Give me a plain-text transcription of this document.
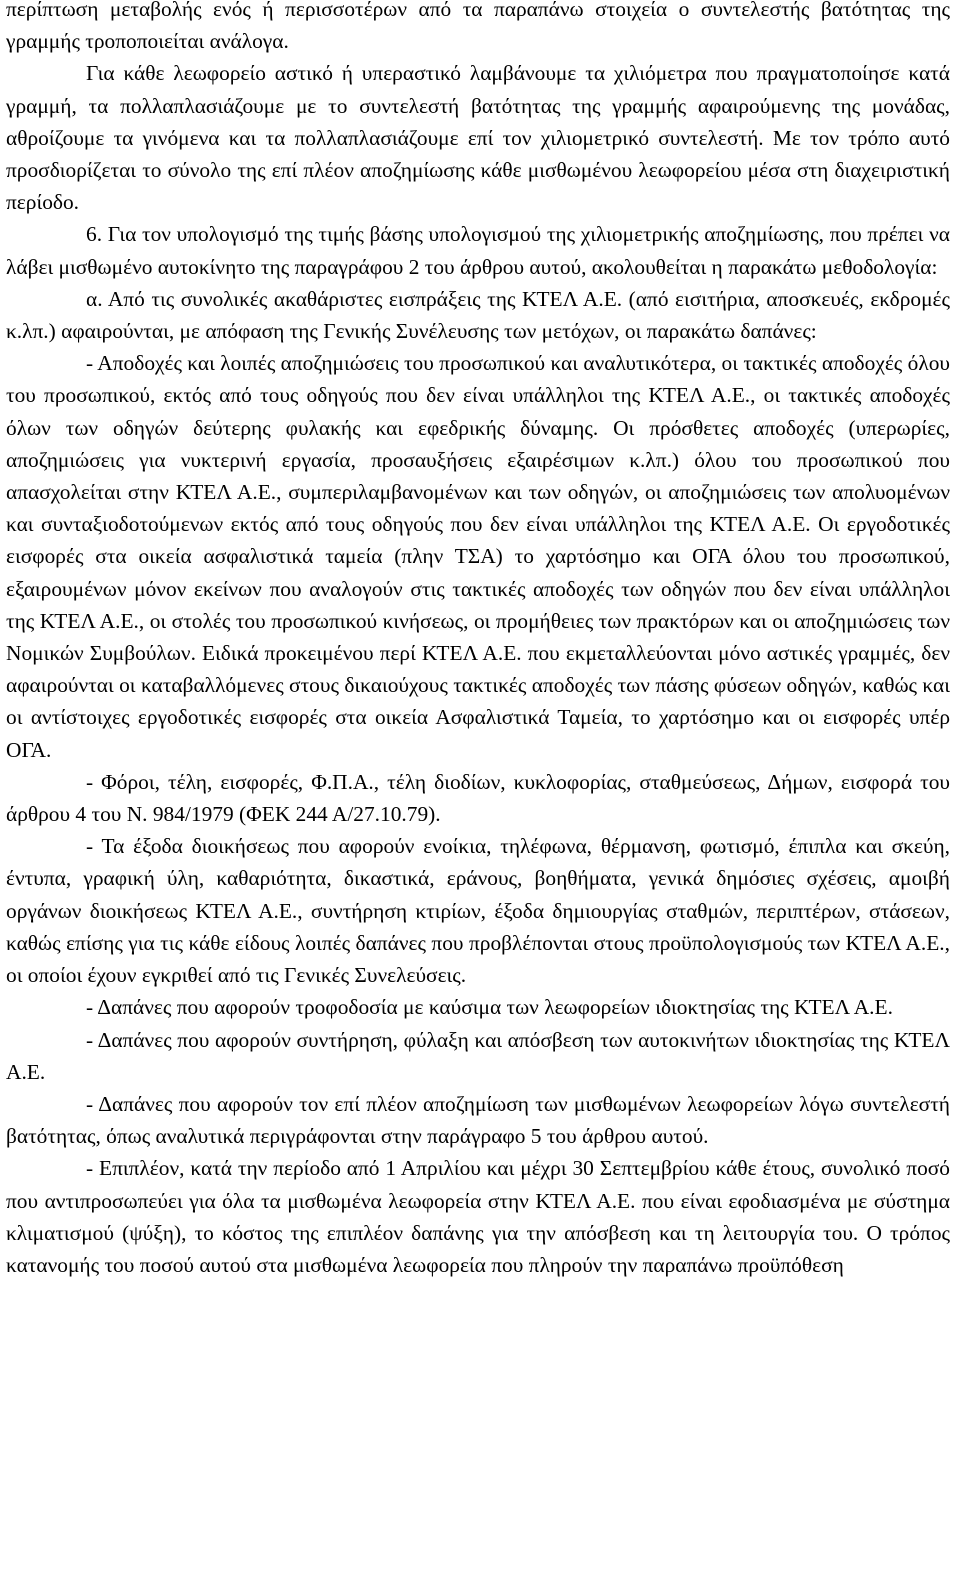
περίπτωση μεταβολής ενός ή περισσοτέρων από τα παραπάνω στοιχεία ο συντελεστής βατότητας της γραμμής τροποποιείται ανάλογα.

Για κάθε λεωφορείο αστικό ή υπεραστικό λαμβάνουμε τα χιλιόμετρα που πραγματοποίησε κατά γραμμή, τα πολλαπλασιάζουμε με το συντελεστή βατότητας της γραμμής αφαιρούμενης της μονάδας, αθροίζουμε τα γινόμενα και τα πολλαπλασιάζουμε επί τον χιλιομετρικό συντελεστή. Με τον τρόπο αυτό προσδιορίζεται το σύνολο της επί πλέον αποζημίωσης κάθε μισθωμένου λεωφορείου μέσα στη διαχειριστική περίοδο.

6. Για τον υπολογισμό της τιμής βάσης υπολογισμού της χιλιομετρικής αποζημίωσης, που πρέπει να λάβει μισθωμένο αυτοκίνητο της παραγράφου 2 του άρθρου αυτού, ακολουθείται η παρακάτω μεθοδολογία:

α. Από τις συνολικές ακαθάριστες εισπράξεις της ΚΤΕΛ Α.Ε. (από εισιτήρια, αποσκευές, εκδρομές κ.λπ.) αφαιρούνται, με απόφαση της Γενικής Συνέλευσης των μετόχων, οι παρακάτω δαπάνες:

- Αποδοχές και λοιπές αποζημιώσεις του προσωπικού και αναλυτικότερα, οι τακτικές αποδοχές όλου του προσωπικού, εκτός από τους οδηγούς που δεν είναι υπάλληλοι της ΚΤΕΛ Α.Ε., οι τακτικές αποδοχές όλων των οδηγών δεύτερης φυλακής και εφεδρικής δύναμης. Οι πρόσθετες αποδοχές (υπερωρίες, αποζημιώσεις για νυκτερινή εργασία, προσαυξήσεις εξαιρέσιμων κ.λπ.) όλου του προσωπικού που απασχολείται στην ΚΤΕΛ Α.Ε., συμπεριλαμβανομένων και των οδηγών, οι αποζημιώσεις των απολυομένων και συνταξιοδοτούμενων εκτός από τους οδηγούς που δεν είναι υπάλληλοι της ΚΤΕΛ Α.Ε. Οι εργοδοτικές εισφορές στα οικεία ασφαλιστικά ταμεία (πλην ΤΣΑ) το χαρτόσημο και ΟΓΑ όλου του προσωπικού, εξαιρουμένων μόνον εκείνων που αναλογούν στις τακτικές αποδοχές των οδηγών που δεν είναι υπάλληλοι της ΚΤΕΛ Α.Ε., οι στολές του προσωπικού κινήσεως, οι προμήθειες των πρακτόρων και οι αποζημιώσεις των Νομικών Συμβούλων. Ειδικά προκειμένου περί ΚΤΕΛ Α.Ε. που εκμεταλλεύονται μόνο αστικές γραμμές, δεν αφαιρούνται οι καταβαλλόμενες στους δικαιούχους τακτικές αποδοχές των πάσης φύσεων οδηγών, καθώς και οι αντίστοιχες εργοδοτικές εισφορές στα οικεία Ασφαλιστικά Ταμεία, το χαρτόσημο και οι εισφορές υπέρ ΟΓΑ.

- Φόροι, τέλη, εισφορές, Φ.Π.Α., τέλη διοδίων, κυκλοφορίας, σταθμεύσεως, Δήμων, εισφορά του άρθρου 4 του Ν. 984/1979 (ΦΕΚ 244 Α/27.10.79).

- Τα έξοδα διοικήσεως που αφορούν ενοίκια, τηλέφωνα, θέρμανση, φωτισμό, έπιπλα και σκεύη, έντυπα, γραφική ύλη, καθαριότητα, δικαστικά, εράνους, βοηθήματα, γενικά δημόσιες σχέσεις, αμοιβή οργάνων διοικήσεως ΚΤΕΛ Α.Ε., συντήρηση κτιρίων, έξοδα δημιουργίας σταθμών, περιπτέρων, στάσεων, καθώς επίσης για τις κάθε είδους λοιπές δαπάνες που προβλέπονται στους προϋπολογισμούς των ΚΤΕΛ Α.Ε., οι οποίοι έχουν εγκριθεί από τις Γενικές Συνελεύσεις.

- Δαπάνες που αφορούν τροφοδοσία με καύσιμα των λεωφορείων ιδιοκτησίας της ΚΤΕΛ Α.Ε.

- Δαπάνες που αφορούν συντήρηση, φύλαξη και απόσβεση των αυτοκινήτων ιδιοκτησίας της ΚΤΕΛ Α.Ε.

- Δαπάνες που αφορούν τον επί πλέον αποζημίωση των μισθωμένων λεωφορείων λόγω συντελεστή βατότητας, όπως αναλυτικά περιγράφονται στην παράγραφο 5 του άρθρου αυτού.

- Επιπλέον, κατά την περίοδο από 1 Απριλίου και μέχρι 30 Σεπτεμβρίου κάθε έτους, συνολικό ποσό που αντιπροσωπεύει για όλα τα μισθωμένα λεωφορεία στην ΚΤΕΛ Α.Ε. που είναι εφοδιασμένα με σύστημα κλιματισμού (ψύξη), το κόστος της επιπλέον δαπάνης για την απόσβεση και τη λειτουργία του. Ο τρόπος κατανομής του ποσού αυτού στα μισθωμένα λεωφορεία που πληρούν την παραπάνω προϋπόθεση
